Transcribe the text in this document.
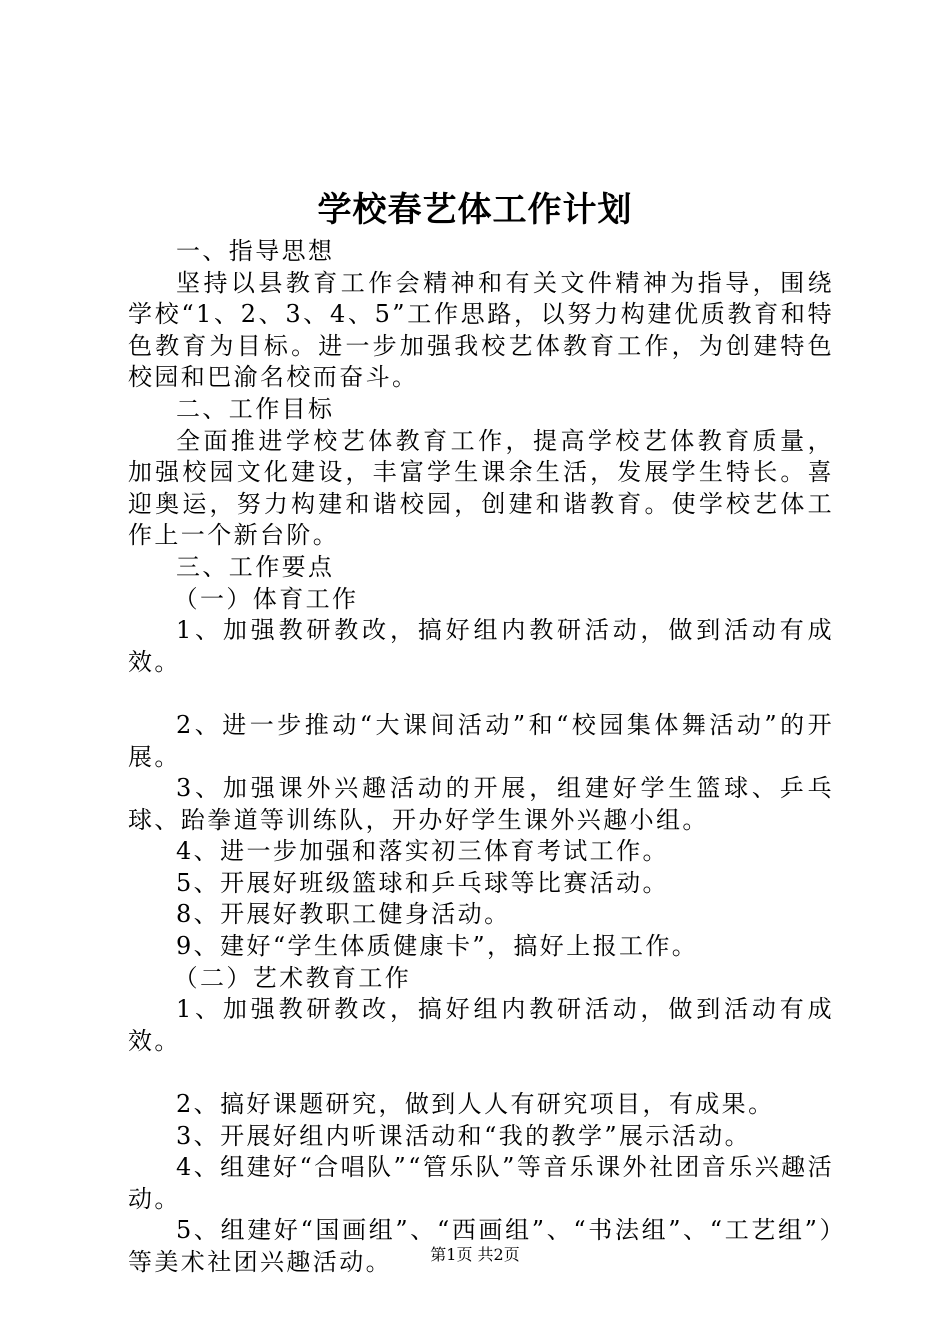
学校春艺体工作计划

一、指导思想

坚持以县教育工作会精神和有关文件精神为指导，围绕学校“1、2、3、4、5”工作思路，以努力构建优质教育和特色教育为目标。进一步加强我校艺体教育工作，为创建特色校园和巴渝名校而奋斗。

二、工作目标

全面推进学校艺体教育工作，提高学校艺体教育质量，加强校园文化建设，丰富学生课余生活，发展学生特长。喜迎奥运，努力构建和谐校园，创建和谐教育。使学校艺体工作上一个新台阶。

三、工作要点

（一）体育工作

1、加强教研教改，搞好组内教研活动，做到活动有成效。

2、进一步推动“大课间活动”和“校园集体舞活动”的开展。

3、加强课外兴趣活动的开展，组建好学生篮球、乒乓球、跆拳道等训练队，开办好学生课外兴趣小组。

4、进一步加强和落实初三体育考试工作。

5、开展好班级篮球和乒乓球等比赛活动。

8、开展好教职工健身活动。

9、建好“学生体质健康卡”，搞好上报工作。

（二）艺术教育工作

1、加强教研教改，搞好组内教研活动，做到活动有成效。

2、搞好课题研究，做到人人有研究项目，有成果。

3、开展好组内听课活动和“我的教学”展示活动。

4、组建好“合唱队”“管乐队”等音乐课外社团音乐兴趣活动。

5、组建好“国画组”、“西画组”、“书法组”、“工艺组”）等美术社团兴趣活动。	第1页 共2页
